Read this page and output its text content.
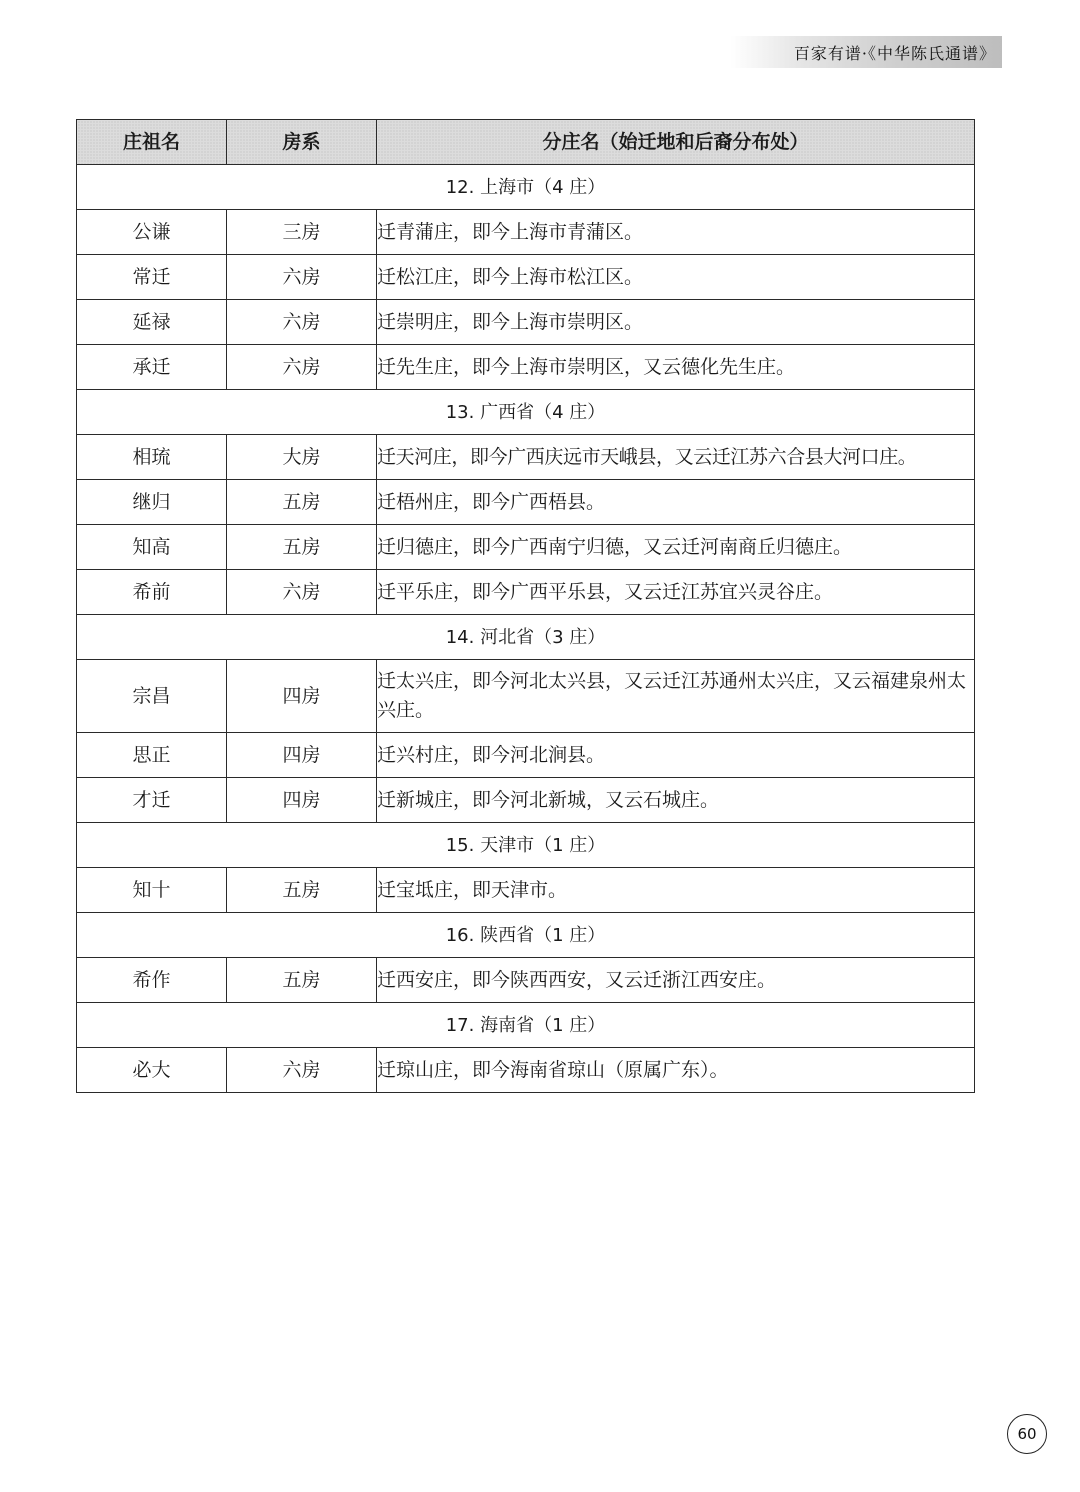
百家有谱·《中华陈氏通谱》
庄祖名	房系	分庄名（始迁地和后裔分布处）
12. 上海市（4 庄）		
公谦	三房	迁青蒲庄，即今上海市青蒲区。
常迁	六房	迁松江庄，即今上海市松江区。
延禄	六房	迁崇明庄，即今上海市崇明区。
承迁	六房	迁先生庄，即今上海市崇明区，又云德化先生庄。
13. 广西省（4 庄）		
相琉	大房	迁天河庄，即今广西庆远市天峨县，又云迁江苏六合县大河口庄。
继归	五房	迁梧州庄，即今广西梧县。
知高	五房	迁归德庄，即今广西南宁归德，又云迁河南商丘归德庄。
希前	六房	迁平乐庄，即今广西平乐县，又云迁江苏宜兴灵谷庄。
14. 河北省（3 庄）		
宗昌	四房	迁太兴庄，即今河北太兴县，又云迁江苏通州太兴庄，又云福建泉州太兴庄。
思正	四房	迁兴村庄，即今河北涧县。
才迁	四房	迁新城庄，即今河北新城，又云石城庄。
15. 天津市（1 庄）		
知十	五房	迁宝坻庄，即天津市。
16. 陕西省（1 庄）		
希作	五房	迁西安庄，即今陕西西安，又云迁浙江西安庄。
17. 海南省（1 庄）		
必大	六房	迁琼山庄，即今海南省琼山（原属广东）。
60
